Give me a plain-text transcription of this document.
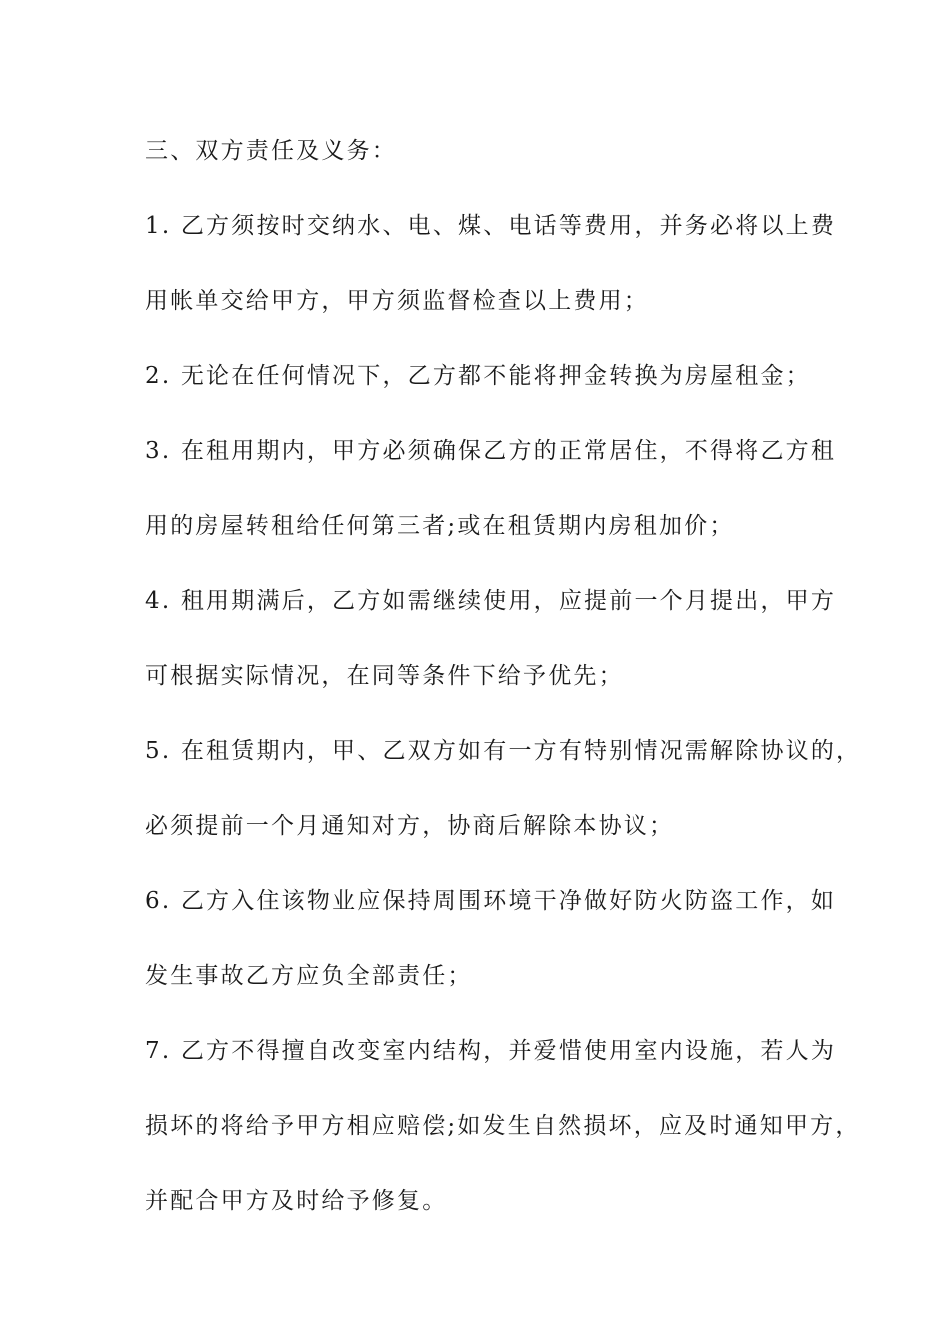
三、双方责任及义务：
1. 乙方须按时交纳水、电、煤、电话等费用，并务必将以上费
用帐单交给甲方，甲方须监督检查以上费用；
2. 无论在任何情况下，乙方都不能将押金转换为房屋租金；
3. 在租用期内，甲方必须确保乙方的正常居住，不得将乙方租
用的房屋转租给任何第三者;或在租赁期内房租加价；
4. 租用期满后，乙方如需继续使用，应提前一个月提出，甲方
可根据实际情况，在同等条件下给予优先；
5. 在租赁期内，甲、乙双方如有一方有特别情况需解除协议的，
必须提前一个月通知对方，协商后解除本协议；
6. 乙方入住该物业应保持周围环境干净做好防火防盗工作，如
发生事故乙方应负全部责任；
7. 乙方不得擅自改变室内结构，并爱惜使用室内设施，若人为
损坏的将给予甲方相应赔偿;如发生自然损坏，应及时通知甲方，
并配合甲方及时给予修复。
